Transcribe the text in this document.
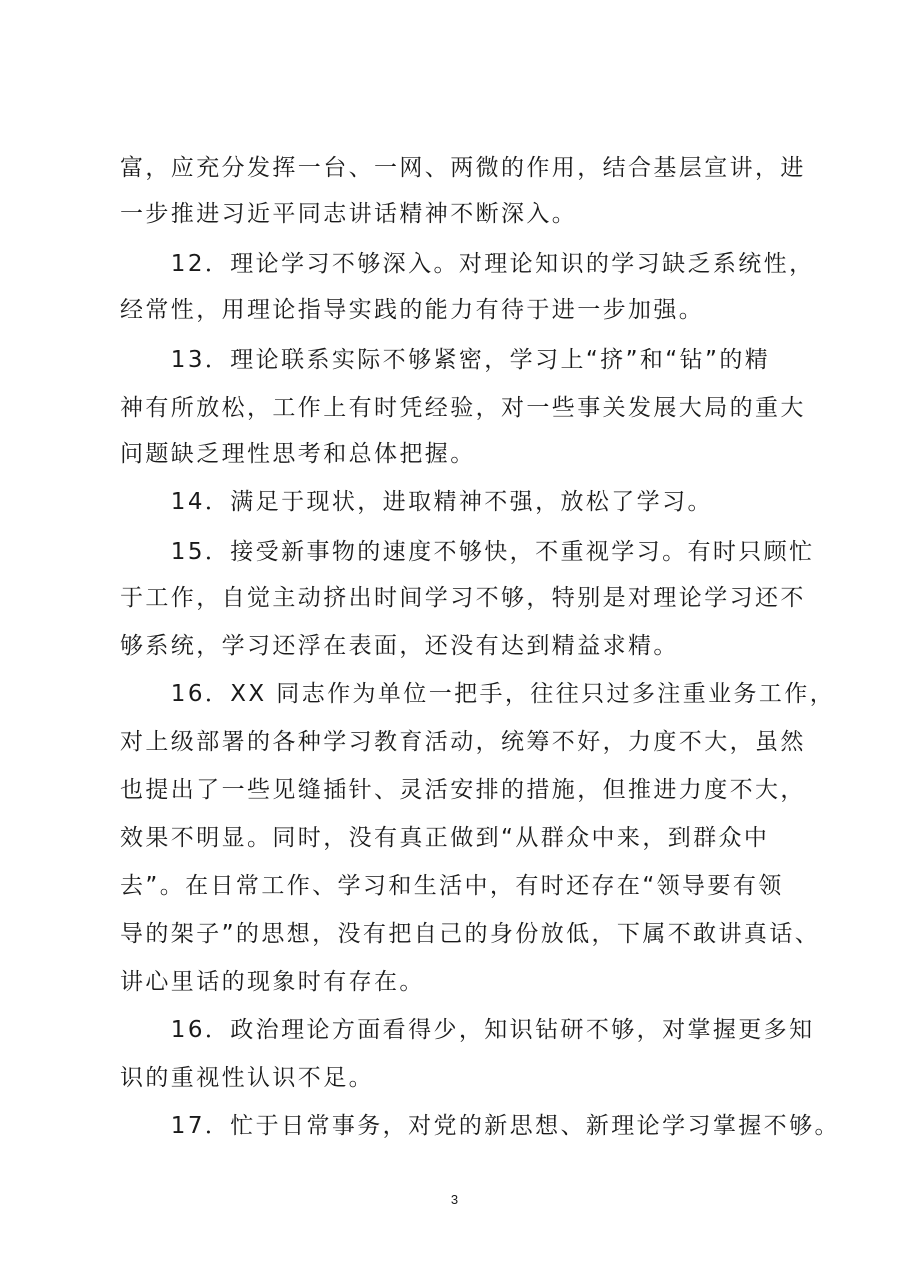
富，应充分发挥一台、一网、两微的作用，结合基层宣讲，进
一步推进习近平同志讲话精神不断深入。
　　12．理论学习不够深入。对理论知识的学习缺乏系统性，
经常性，用理论指导实践的能力有待于进一步加强。
　　13．理论联系实际不够紧密，学习上“挤”和“钻”的精
神有所放松，工作上有时凭经验，对一些事关发展大局的重大
问题缺乏理性思考和总体把握。
　　14．满足于现状，进取精神不强，放松了学习。
　　15．接受新事物的速度不够快，不重视学习。有时只顾忙
于工作，自觉主动挤出时间学习不够，特别是对理论学习还不
够系统，学习还浮在表面，还没有达到精益求精。
　　16．XX 同志作为单位一把手，往往只过多注重业务工作，
对上级部署的各种学习教育活动，统筹不好，力度不大，虽然
也提出了一些见缝插针、灵活安排的措施，但推进力度不大，
效果不明显。同时，没有真正做到“从群众中来，到群众中
去”。在日常工作、学习和生活中，有时还存在“领导要有领
导的架子”的思想，没有把自己的身份放低，下属不敢讲真话、
讲心里话的现象时有存在。
　　16．政治理论方面看得少，知识钻研不够，对掌握更多知
识的重视性认识不足。
　　17．忙于日常事务，对党的新思想、新理论学习掌握不够。
3
